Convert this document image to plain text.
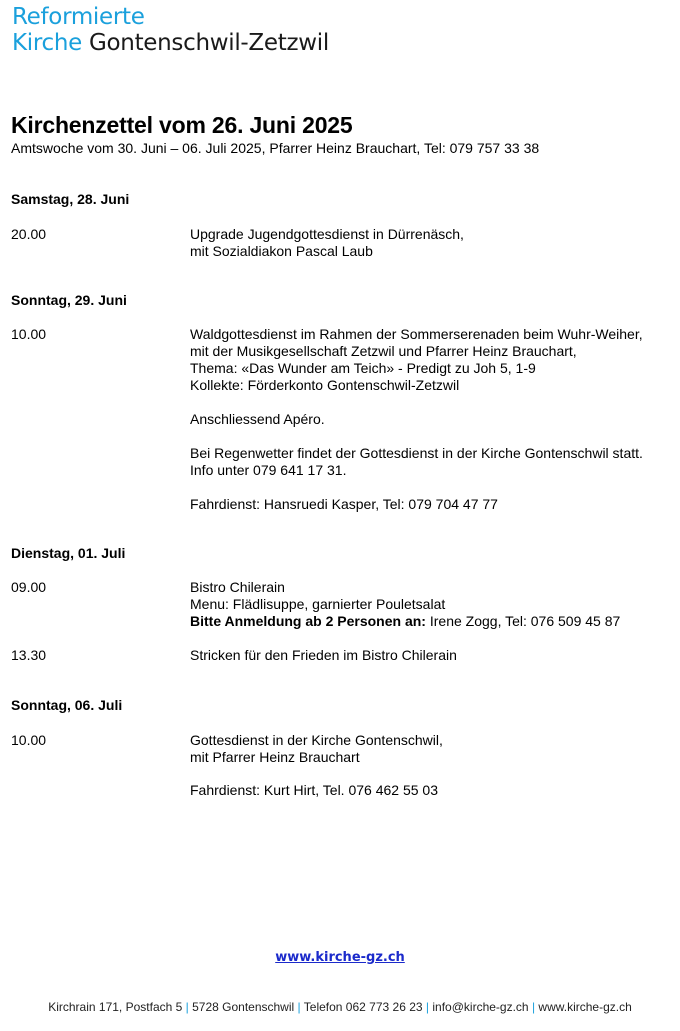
Reformierte
Kirche Gontenschwil-Zetzwil
Kirchenzettel vom 26. Juni 2025
Amtswoche vom 30. Juni – 06. Juli 2025, Pfarrer Heinz Brauchart, Tel: 079 757 33 38
Samstag, 28. Juni
20.00	Upgrade Jugendgottesdienst in Dürrenäsch,
mit Sozialdiakon Pascal Laub
Sonntag, 29. Juni
10.00	Waldgottesdienst im Rahmen der Sommerserenaden beim Wuhr-Weiher,
mit der Musikgesellschaft Zetzwil und Pfarrer Heinz Brauchart,
Thema: «Das Wunder am Teich» - Predigt zu Joh 5, 1-9
Kollekte: Förderkonto Gontenschwil-Zetzwil
Anschliessend Apéro.
Bei Regenwetter findet der Gottesdienst in der Kirche Gontenschwil statt.
Info unter 079 641 17 31.
Fahrdienst: Hansruedi Kasper, Tel: 079 704 47 77
Dienstag, 01. Juli
09.00	Bistro Chilerain
Menu: Flädlisuppe, garnierter Pouletsalat
Bitte Anmeldung ab 2 Personen an: Irene Zogg, Tel: 076 509 45 87
13.30	Stricken für den Frieden im Bistro Chilerain
Sonntag, 06. Juli
10.00	Gottesdienst in der Kirche Gontenschwil,
mit Pfarrer Heinz Brauchart
Fahrdienst: Kurt Hirt, Tel. 076 462 55 03
www.kirche-gz.ch
Kirchrain 171, Postfach 5 | 5728 Gontenschwil | Telefon 062 773 26 23 | info@kirche-gz.ch | www.kirche-gz.ch
